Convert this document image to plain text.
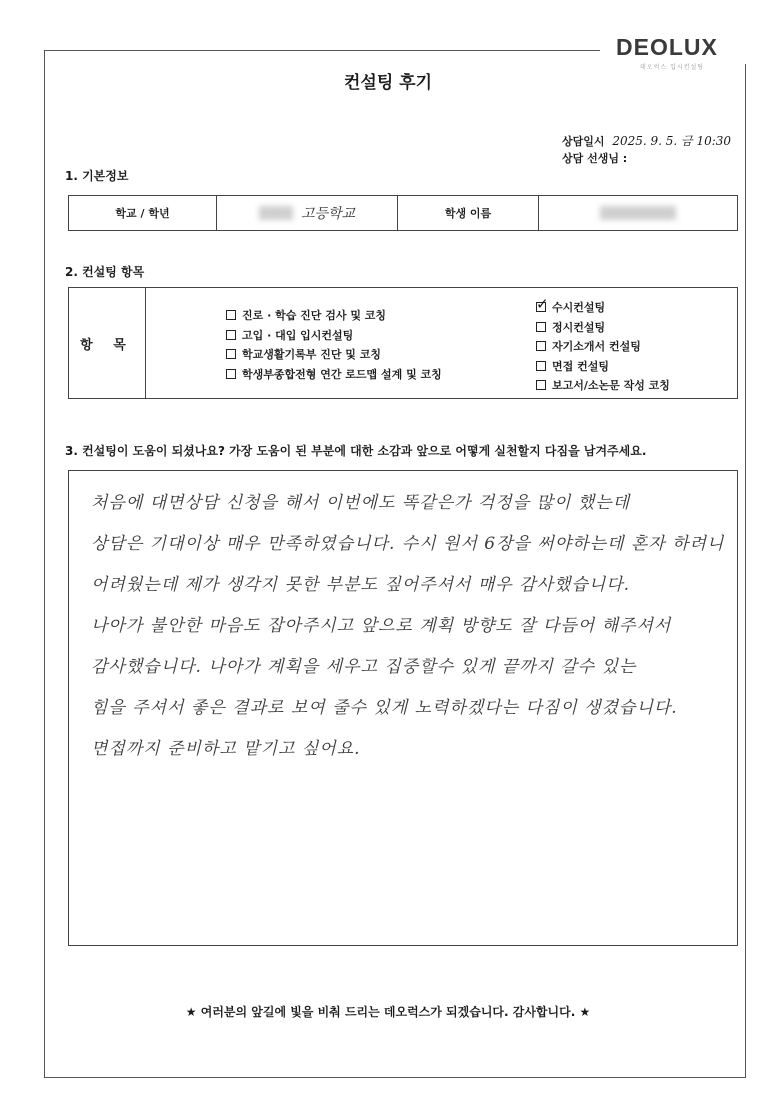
DEOLUX
데오럭스 입시컨설팅
컨설팅 후기
상담일시 2025. 9. 5. 금 10:30
상담 선생님 :
1. 기본정보
학교 / 학년	고등학교	학생 이름
2. 컨설팅 항목
항 목
진로 · 학습 진단 검사 및 코칭
고입 · 대입 입시컨설팅
학교생활기록부 진단 및 코칭
학생부종합전형 연간 로드맵 설계 및 코칭
✓ 수시컨설팅
정시컨설팅
자기소개서 컨설팅
면접 컨설팅
보고서/소논문 작성 코칭
3. 컨설팅이 도움이 되셨나요? 가장 도움이 된 부분에 대한 소감과 앞으로 어떻게 실천할지 다짐을 남겨주세요.
처음에 대면상담 신청을 해서 이번에도 똑같은가 걱정을 많이 했는데
상담은 기대이상 매우 만족하였습니다. 수시 원서 6장을 써야하는데 혼자 하려니
어려웠는데 제가 생각지 못한 부분도 짚어주셔서 매우 감사했습니다.
나아가 불안한 마음도 잡아주시고 앞으로 계획 방향도 잘 다듬어 해주셔서
감사했습니다. 나아가 계획을 세우고 집중할수 있게 끝까지 갈수 있는
힘을 주셔서 좋은 결과로 보여 줄수 있게 노력하겠다는 다짐이 생겼습니다.
면접까지 준비하고 맡기고 싶어요.
★ 여러분의 앞길에 빛을 비춰 드리는 데오럭스가 되겠습니다. 감사합니다. ★
